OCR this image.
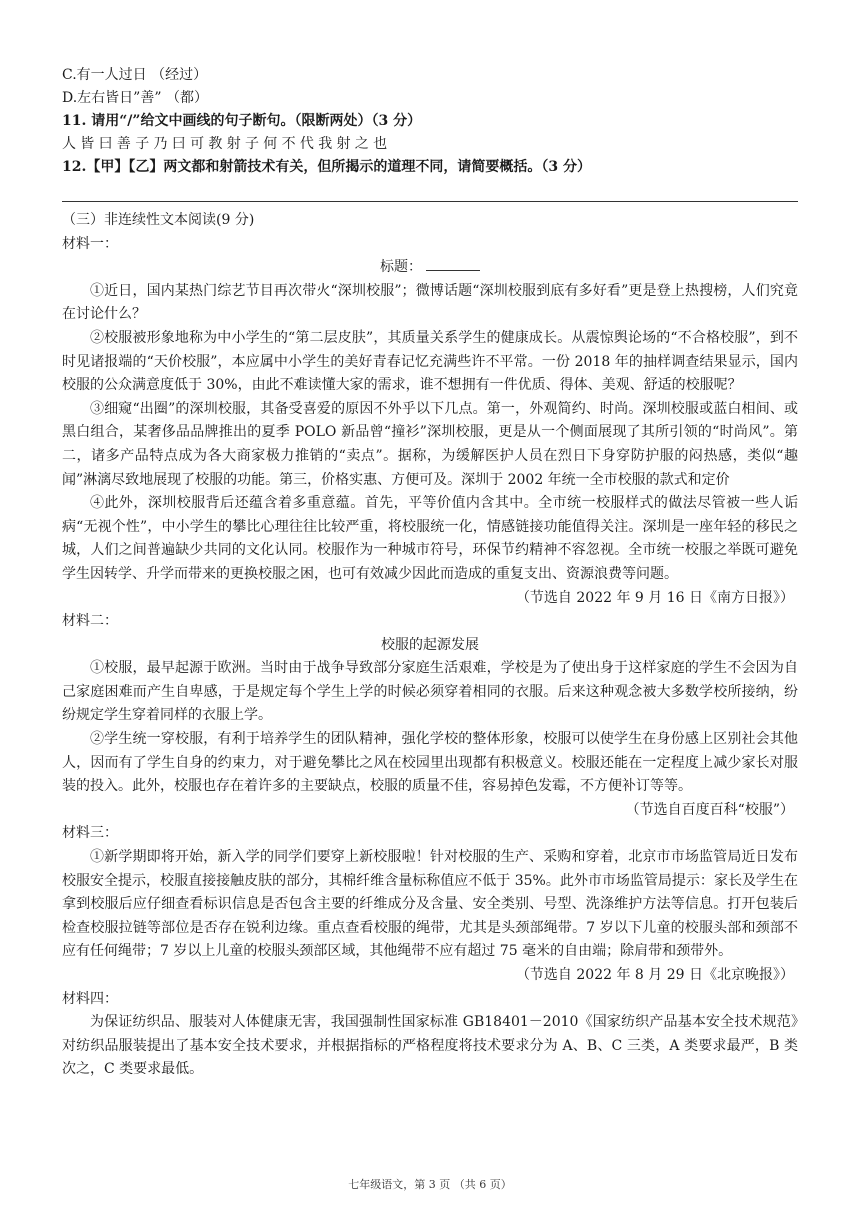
C.有一人过日 （经过）
D.左右皆日”善” （都）
11. 请用“/”给文中画线的句子断句。（限断两处）（3 分）
人皆曰善子乃曰可教射子何不代我射之也
12.【甲】【乙】两文都和射箭技术有关，但所揭示的道理不同，请简要概括。（3 分）

（三）非连续性文本阅读(9 分)

材料一：

标题：

①近日，国内某热门综艺节目再次带火“深圳校服”；微博话题“深圳校服到底有多好看”更是登上热搜榜，人们究竟在讨论什么？

②校服被形象地称为中小学生的“第二层皮肤”，其质量关系学生的健康成长。从震惊舆论场的“不合格校服”，到不时见诸报端的“天价校服”，本应属中小学生的美好青春记忆充满些许不平常。一份 2018 年的抽样调查结果显示，国内校服的公众满意度低于 30%，由此不难读懂大家的需求，谁不想拥有一件优质、得体、美观、舒适的校服呢？

③细窥“出圈”的深圳校服，其备受喜爱的原因不外乎以下几点。第一，外观简约、时尚。深圳校服或蓝白相间、或黑白组合，某奢侈品品牌推出的夏季 POLO 新品曾“撞衫”深圳校服，更是从一个侧面展现了其所引领的“时尚风”。第二，诸多产品特点成为各大商家极力推销的“卖点”。据称，为缓解医护人员在烈日下身穿防护服的闷热感，类似“趣闻”淋漓尽致地展现了校服的功能。第三，价格实惠、方便可及。深圳于 2002 年统一全市校服的款式和定价

④此外，深圳校服背后还蕴含着多重意蕴。首先，平等价值内含其中。全市统一校服样式的做法尽管被一些人诟病“无视个性”，中小学生的攀比心理往往比较严重，将校服统一化，情感链接功能值得关注。深圳是一座年轻的移民之城，人们之间普遍缺少共同的文化认同。校服作为一种城市符号，环保节约精神不容忽视。全市统一校服之举既可避免学生因转学、升学而带来的更换校服之困，也可有效减少因此而造成的重复支出、资源浪费等问题。

（节选自 2022 年 9 月 16 日《南方日报》）

材料二：

校服的起源发展

①校服，最早起源于欧洲。当时由于战争导致部分家庭生活艰难，学校是为了使出身于这样家庭的学生不会因为自己家庭困难而产生自卑感，于是规定每个学生上学的时候必须穿着相同的衣服。后来这种观念被大多数学校所接纳，纷纷规定学生穿着同样的衣服上学。

②学生统一穿校服，有利于培养学生的团队精神，强化学校的整体形象，校服可以使学生在身份感上区别社会其他人，因而有了学生自身的约束力，对于避免攀比之风在校园里出现都有积极意义。校服还能在一定程度上减少家长对服装的投入。此外，校服也存在着许多的主要缺点，校服的质量不佳，容易掉色发霉，不方便补订等等。

（节选自百度百科“校服”）

材料三：

①新学期即将开始，新入学的同学们要穿上新校服啦！针对校服的生产、采购和穿着，北京市市场监管局近日发布校服安全提示，校服直接接触皮肤的部分，其棉纤维含量标称值应不低于 35%。此外市市场监管局提示：家长及学生在拿到校服后应仔细查看标识信息是否包含主要的纤维成分及含量、安全类别、号型、洗涤维护方法等信息。打开包装后检查校服拉链等部位是否存在锐利边缘。重点查看校服的绳带，尤其是头颈部绳带。7 岁以下儿童的校服头部和颈部不应有任何绳带；7 岁以上儿童的校服头颈部区域，其他绳带不应有超过 75 毫米的自由端；除肩带和颈带外。

（节选自 2022 年 8 月 29 日《北京晚报》）

材料四：

为保证纺织品、服装对人体健康无害，我国强制性国家标准 GB18401－2010《国家纺织产品基本安全技术规范》对纺织品服装提出了基本安全技术要求，并根据指标的严格程度将技术要求分为 A、B、C 三类，A 类要求最严，B 类次之，C 类要求最低。

七年级语文，第 3 页 （共 6 页）
